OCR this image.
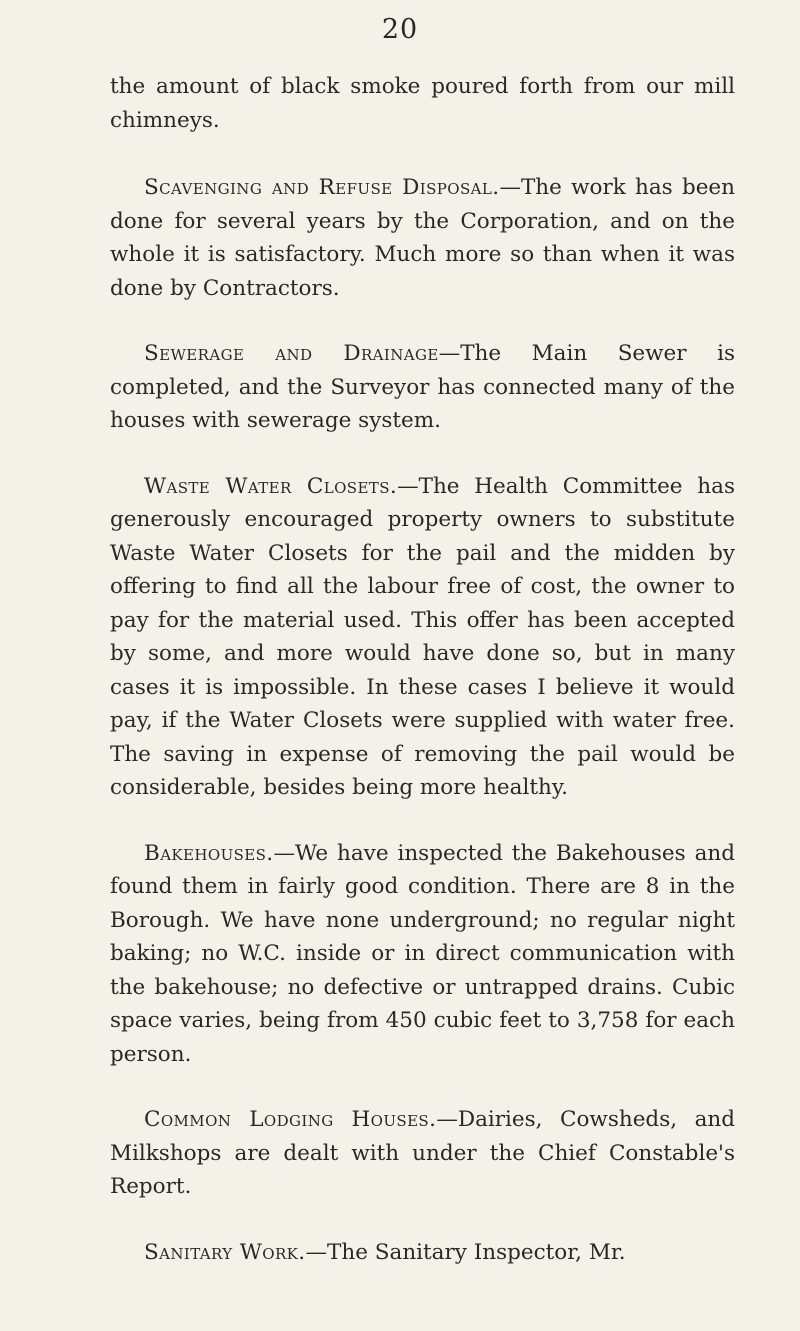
20

the amount of black smoke poured forth from our mill chimneys.

Scavenging and Refuse Disposal.—The work has been done for several years by the Corporation, and on the whole it is satisfactory. Much more so than when it was done by Contractors.

Sewerage and Drainage—The Main Sewer is completed, and the Surveyor has connected many of the houses with sewerage system.

Waste Water Closets.—The Health Committee has generously encouraged property owners to substitute Waste Water Closets for the pail and the midden by offering to find all the labour free of cost, the owner to pay for the material used. This offer has been accepted by some, and more would have done so, but in many cases it is impossible. In these cases I believe it would pay, if the Water Closets were supplied with water free. The saving in expense of removing the pail would be considerable, besides being more healthy.

Bakehouses.—We have inspected the Bakehouses and found them in fairly good condition. There are 8 in the Borough. We have none underground; no regular night baking; no W.C. inside or in direct communication with the bakehouse; no defective or untrapped drains. Cubic space varies, being from 450 cubic feet to 3,758 for each person.

Common Lodging Houses.—Dairies, Cowsheds, and Milkshops are dealt with under the Chief Constable's Report.

Sanitary Work.—The Sanitary Inspector, Mr.
